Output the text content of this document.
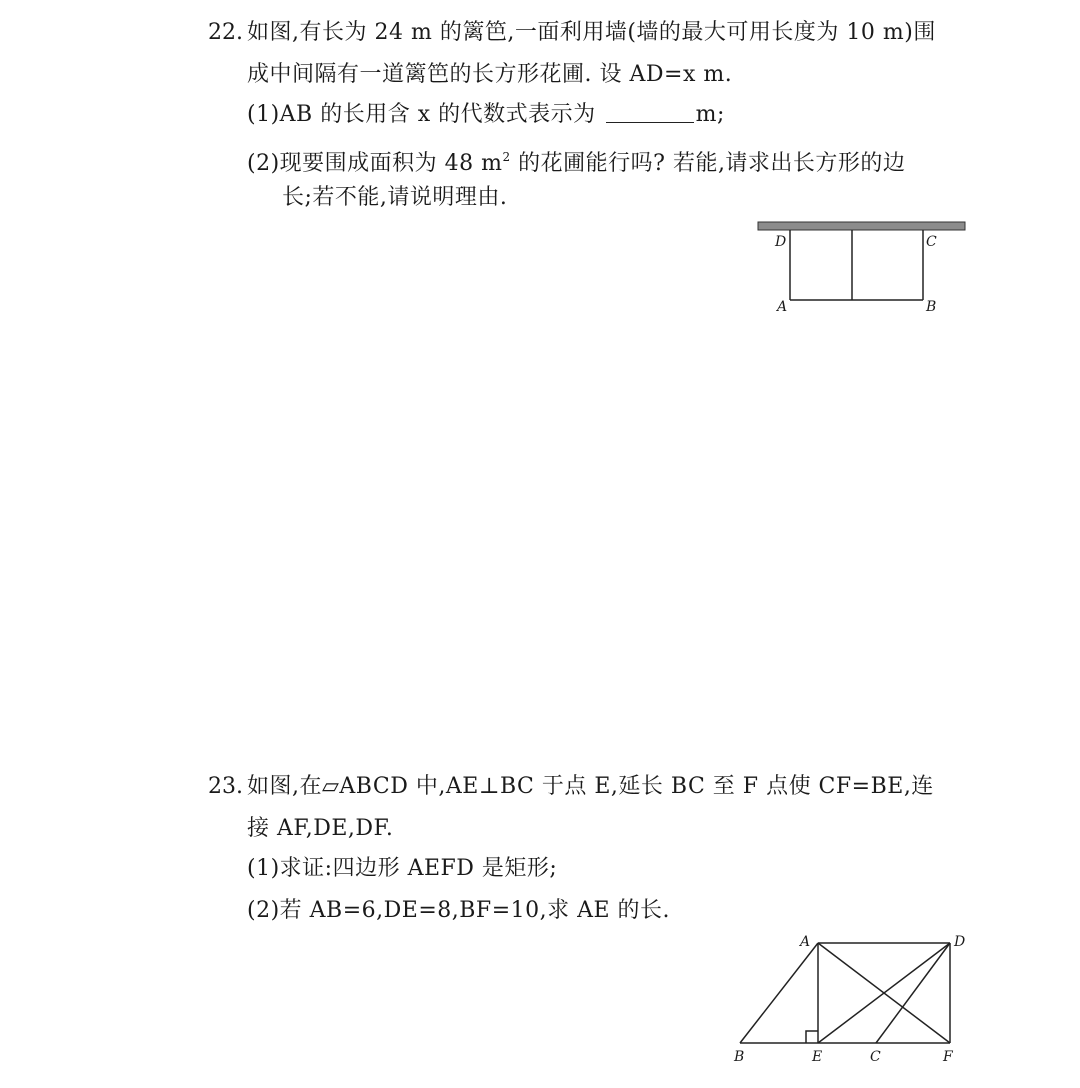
22. 如图,有长为 24 m 的篱笆,一面利用墙(墙的最大可用长度为 10 m)围
成中间隔有一道篱笆的长方形花圃. 设 AD=x m.
(1)AB 的长用含 x 的代数式表示为	m;
(2)现要围成面积为 48 $m^2$ 的花圃能行吗? 若能,请求出长方形的边
长;若不能,请说明理由.
D	C
A	B
23. 如图,在▱ABCD 中,AE⊥BC 于点 E,延长 BC 至 F 点使 CF=BE,连
接 AF,DE,DF.
(1)求证:四边形 AEFD 是矩形;
(2)若 AB=6,DE=8,BF=10,求 AE 的长.
A	D
B	E	C	F
